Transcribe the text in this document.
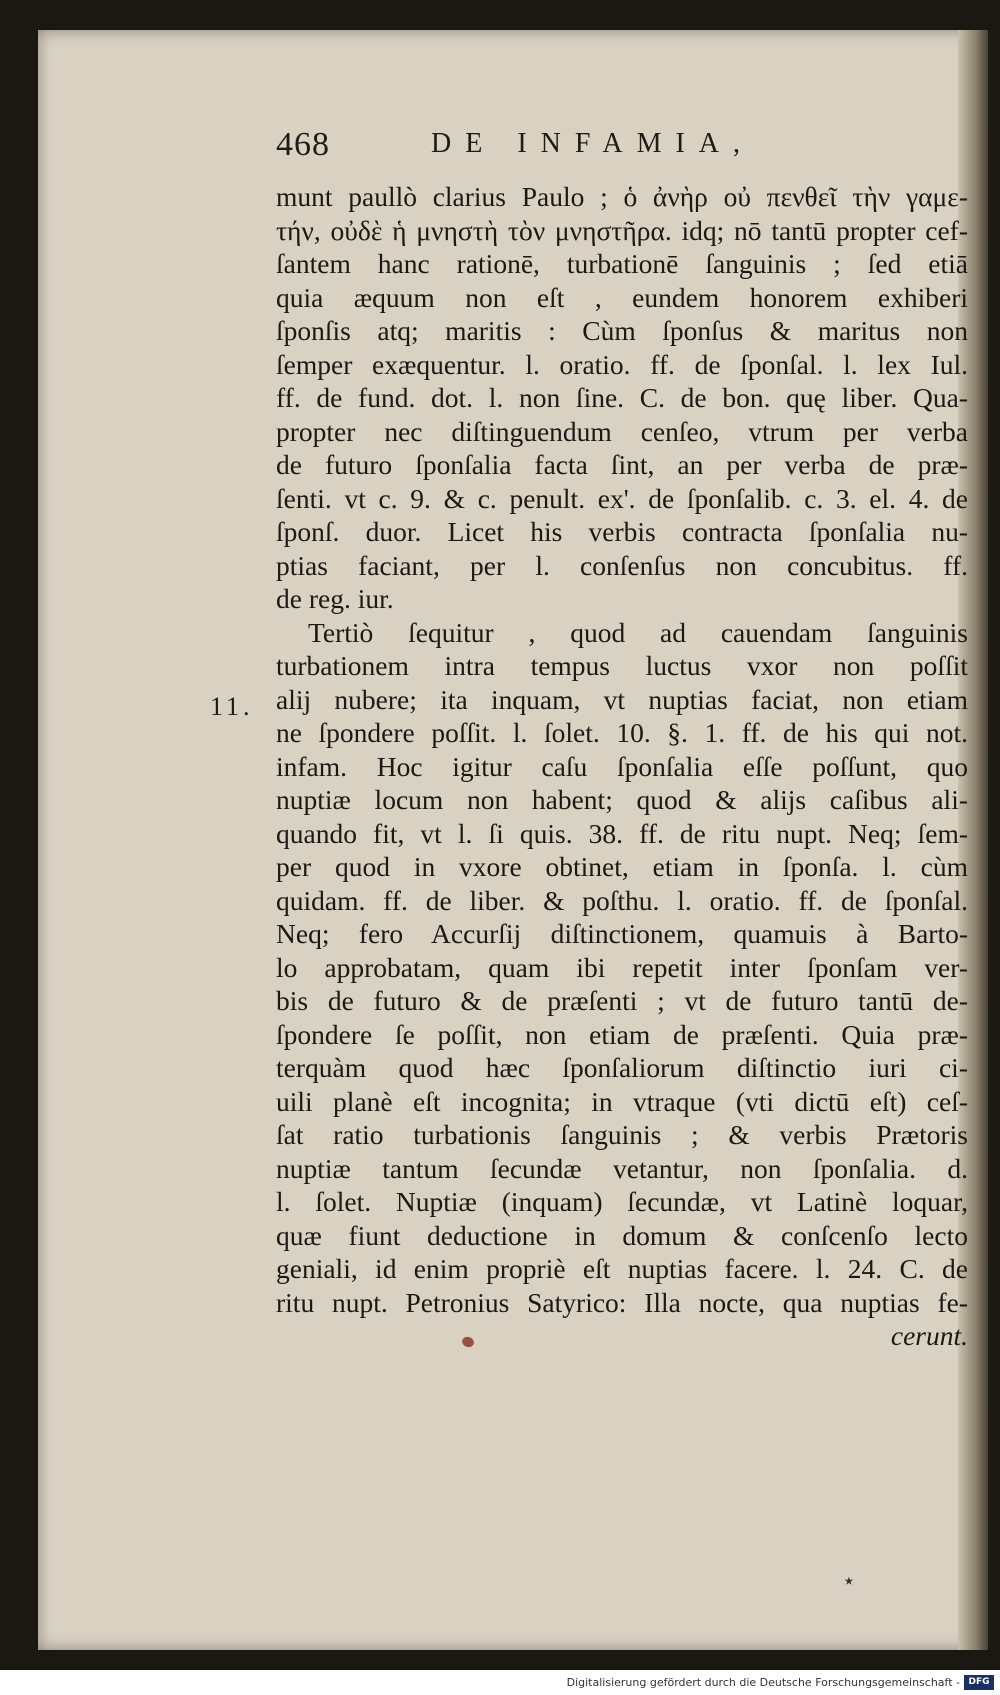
468	DE INFAMIA,
11.
munt paullò clarius Paulo ; ὁ ἀνὴρ οὐ πενθεῖ τὴν γαμε-
τήν, οὐδὲ ἡ μνηστὴ τὸν μνηστῆρα. idq; nō tantū propter cef-
ſantem hanc rationē, turbationē ſanguinis ; ſed etiā
quia æquum non eſt , eundem honorem exhiberi
ſponſis atq; maritis : Cùm ſponſus & maritus non
ſemper exæquentur. l. oratio. ff. de ſponſal. l. lex Iul.
ff. de fund. dot. l. non ſine. C. de bon. quę liber. Qua-
propter nec diſtinguendum cenſeo, vtrum per verba
de futuro ſponſalia facta ſint, an per verba de præ-
ſenti. vt c. 9. & c. penult. ex'. de ſponſalib. c. 3. el. 4. de
ſponſ. duor. Licet his verbis contracta ſponſalia nu-
ptias faciant, per l. conſenſus non concubitus. ff.
de reg. iur.
Tertiò ſequitur , quod ad cauendam ſanguinis
turbationem intra tempus luctus vxor non poſſit
alij nubere; ita inquam, vt nuptias faciat, non etiam
ne ſpondere poſſit. l. ſolet. 10. §. 1. ff. de his qui not.
infam. Hoc igitur caſu ſponſalia eſſe poſſunt, quo
nuptiæ locum non habent; quod & alijs caſibus ali-
quando fit, vt l. ſi quis. 38. ff. de ritu nupt. Neq; ſem-
per quod in vxore obtinet, etiam in ſponſa. l. cùm
quidam. ff. de liber. & poſthu. l. oratio. ff. de ſponſal.
Neq; fero Accurſij diſtinctionem, quamuis à Barto-
lo approbatam, quam ibi repetit inter ſponſam ver-
bis de futuro & de præſenti ; vt de futuro tantū de-
ſpondere ſe poſſit, non etiam de præſenti. Quia præ-
terquàm quod hæc ſponſaliorum diſtinctio iuri ci-
uili planè eſt incognita; in vtraque (vti dictū eſt) ceſ-
ſat ratio turbationis ſanguinis ; & verbis Prætoris
nuptiæ tantum ſecundæ vetantur, non ſponſalia. d.
l. ſolet. Nuptiæ (inquam) ſecundæ, vt Latinè loquar,
quæ fiunt deductione in domum & conſcenſo lecto
geniali, id enim propriè eſt nuptias facere. l. 24. C. de
ritu nupt. Petronius Satyrico: Illa nocte, qua nuptias fe-
cerunt.
⋆
Digitalisierung gefördert durch die Deutsche Forschungsgemeinschaft - DFG
